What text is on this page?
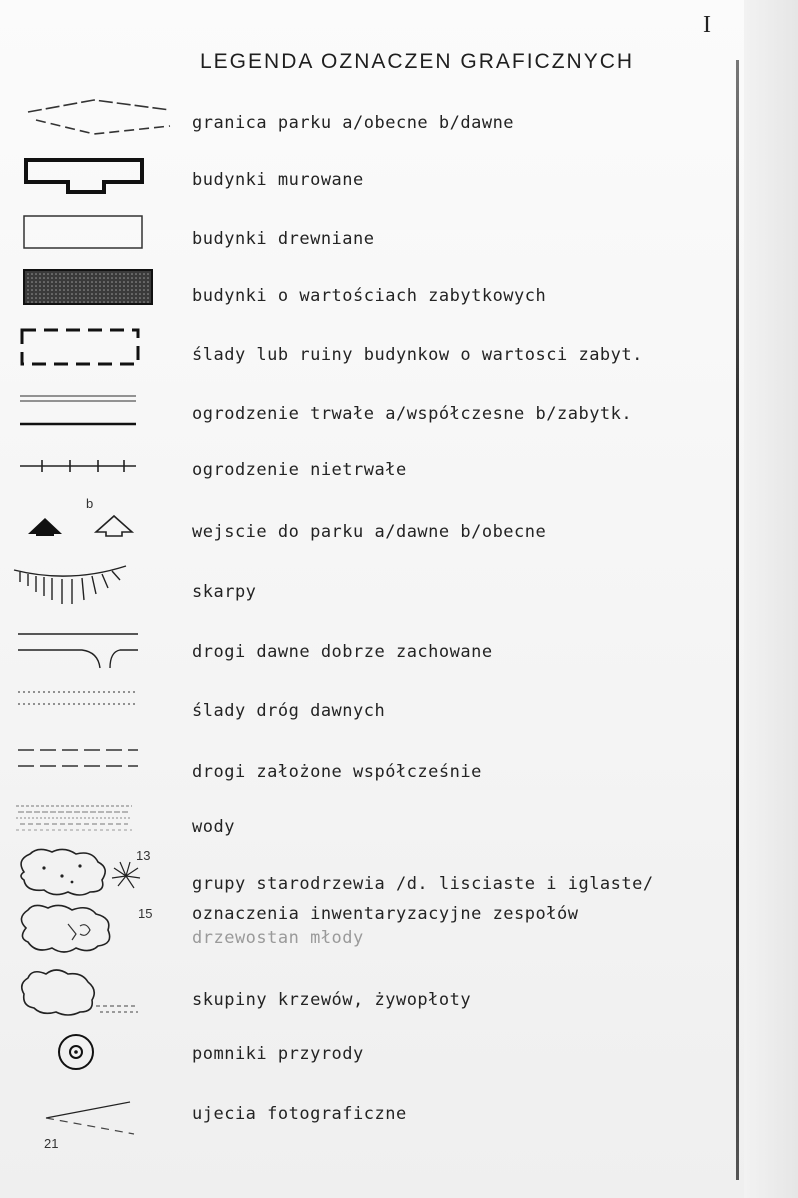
I
LEGENDA OZNACZEN GRAFICZNYCH
granica parku a/obecne b/dawne
budynki murowane
budynki drewniane
budynki o wartościach zabytkowych
ślady lub ruiny budynkow o wartosci zabyt.
ogrodzenie trwałe a/współczesne b/zabytk.
ogrodzenie nietrwałe
b
wejscie do parku a/dawne b/obecne
skarpy
drogi dawne dobrze zachowane
ślady dróg dawnych
drogi założone współcześnie
wody
13
grupy starodrzewia /d. lisciaste i iglaste/
15 oznaczenia inwentaryzacyjne zespołów
drzewostan młody
skupiny krzewów, żywopłoty
pomniki przyrody
21
ujecia fotograficzne
